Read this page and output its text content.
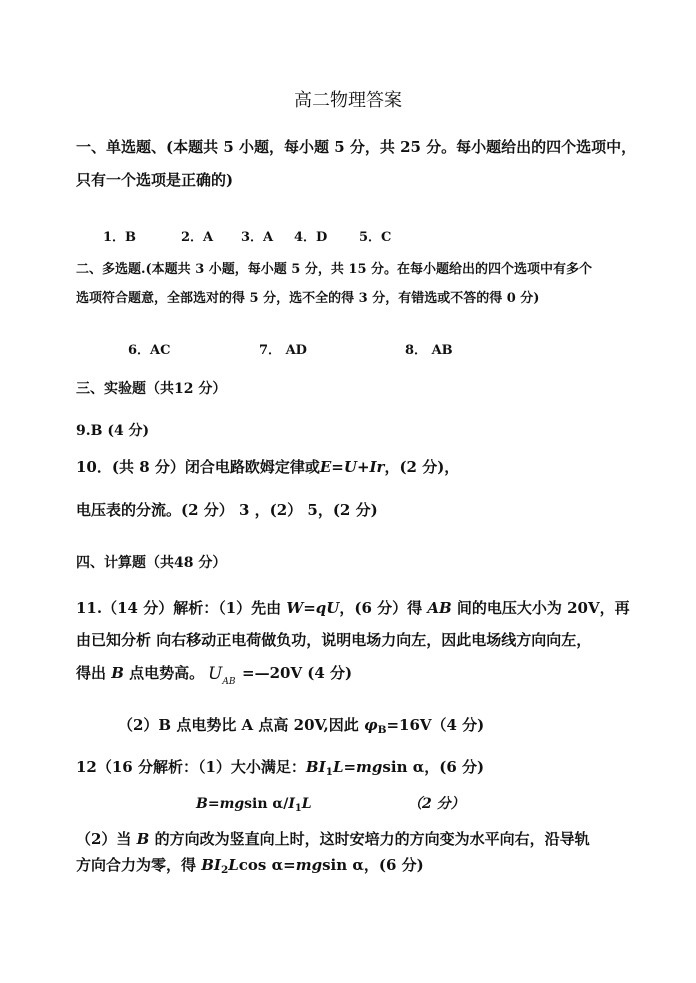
高二物理答案
一、单选题、(本题共 5 小题，每小题 5 分，共 25 分。每小题给出的四个选项中，
只有一个选项是正确的)
1．B	2．A 3．A 4．D 5．C
二、多选题.(本题共 3 小题，每小题 5 分，共 15 分。在每小题给出的四个选项中有多个
选项符合题意，全部选对的得 5 分，选不全的得 3 分，有错选或不答的得 0 分)
6．AC	7． AD	8． AB
三、实验题（共12 分）
9.B (4 分)
10．(共 8 分）闭合电路欧姆定律或E=U+Ir，(2 分)，
电压表的分流。(2 分） 3 ，(2） 5，(2 分)
四、计算题（共48 分）
11.（14 分）解析：（1）先由 W=qU，(6 分）得 AB 间的电压大小为 20V，再
由已知分析 向右移动正电荷做负功，说明电场力向左，因此电场线方向向左，
得出 B 点电势高。 $U_{AB}$ =—20V (4 分)
（2）B 点电势比 A 点高 20V,因此 $\varphi_B=16V(4$ 分)
12（16 分解析：（1）大小满足：$BI_1L=mgsin$ α，(6 分)
B=mgsin $\alpha/I_1L$	（2 分）
（2）当 B 的方向改为竖直向上时，这时安培力的方向变为水平向右，沿导轨
方向合力为零，得 $BI_2Lcos$ α=mgsin α，(6 分)
